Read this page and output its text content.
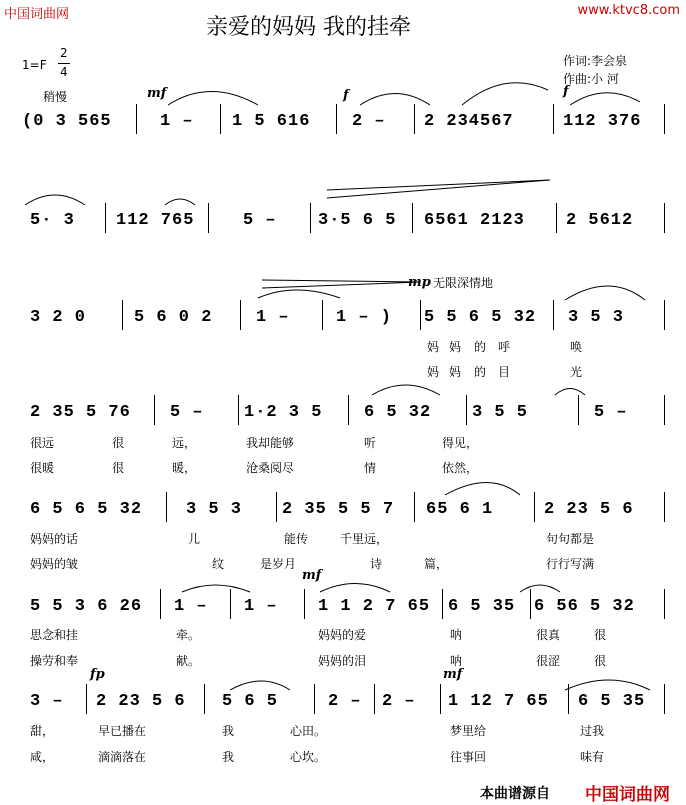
中国词曲网	www.ktvc8.com
亲爱的妈妈 我的挂牵
1=F
2
4
稍慢
作词:李会泉
作曲:小 河
mf	f	f
mp 无限深情地
mf
fp	mf
(0 3 565	1 – 1 5 616 2 – 2 234567	112 376
5· 3 112 765	5 – 3·5 6 5 6561 2123 2 5612
3 2 0	5 6 0 2	1 –	1 – ) 5 5 6 5 32 3 5 3
妈 妈 的 呼	唤
妈 妈 的 目	光
2 35 5 76 5 – 1·2 3 5 6 5 32 3 5 5	5 –
很远	很	远，	我却能够	听	得见，
很暖	很	暖，	沧桑阅尽	情	依然，
6 5 6 5 32	3 5 3 2 35 5 5 7 65 6 1	2 23 5 6
妈妈的话	儿	能传	千里远，	句句都是
妈妈的皱	纹	是岁月	诗	篇，	行行写满
5 5 3 6 26 1 – 1 – 1 1 2 7 65 6 5 35 6 56 5 32
思念和挂	牵。	妈妈的爱	呐	很真	很
操劳和奉	献。	妈妈的泪	呐	很涩	很
3 – 2 23 5 6 5 6 5	2 – 2 – 1 12 7 65 6 5 35
甜，	早已播在	我	心田。	梦里给	过我
咸，	滴滴落在	我	心坎。	往事回	味有
本曲谱源自 中国词曲网
